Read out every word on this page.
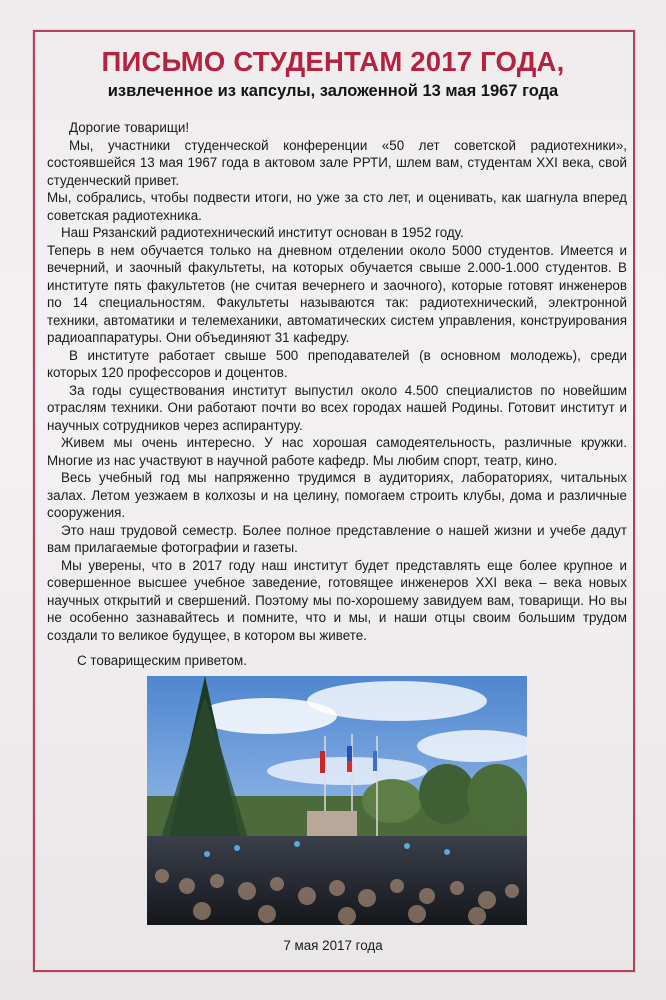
ПИСЬМО СТУДЕНТАМ 2017 ГОДА,
извлеченное из капсулы, заложенной 13 мая 1967 года

Дорогие товарищи!

Мы, участники студенческой конференции «50 лет советской радиотехники», состоявшейся 13 мая 1967 года в актовом зале РРТИ, шлем вам, студентам XXI века, свой студенческий привет.

Мы, собрались, чтобы подвести итоги, но уже за сто лет, и оценивать, как шагнула вперед советская радиотехника.

Наш Рязанский радиотехнический институт основан в 1952 году.

Теперь в нем обучается только на дневном отделении около 5000 студентов. Имеется и вечерний, и заочный факультеты, на которых обучается свыше 2.000-1.000 студентов. В институте пять факультетов (не считая вечернего и заочного), которые готовят инженеров по 14 специальностям. Факультеты называются так: радиотехнический, электронной техники, автоматики и телемеханики, автоматических систем управления, конструирования радиоаппаратуры. Они объединяют 31 кафедру.

В институте работает свыше 500 преподавателей (в основном молодежь), среди которых 120 профессоров и доцентов.

За годы существования институт выпустил около 4.500 специалистов по новейшим отраслям техники. Они работают почти во всех городах нашей Родины. Готовит институт и научных сотрудников через аспирантуру.

Живем мы очень интересно. У нас хорошая самодеятельность, различные кружки. Многие из нас участвуют в научной работе кафедр. Мы любим спорт, театр, кино.

Весь учебный год мы напряженно трудимся в аудиториях, лабораториях, читальных залах. Летом уезжаем в колхозы и на целину, помогаем строить клубы, дома и различные сооружения.

Это наш трудовой семестр. Более полное представление о нашей жизни и учебе дадут вам прилагаемые фотографии и газеты.

Мы уверены, что в 2017 году наш институт будет представлять еще более крупное и совершенное высшее учебное заведение, готовящее инженеров XXI века – века новых научных открытий и свершений. Поэтому мы по-хорошему завидуем вам, товарищи. Но вы не особенно зазнавайтесь и помните, что и мы, и наши отцы своим большим трудом создали то великое будущее, в котором вы живете.

С товарищеским приветом.
7 мая 2017 года
